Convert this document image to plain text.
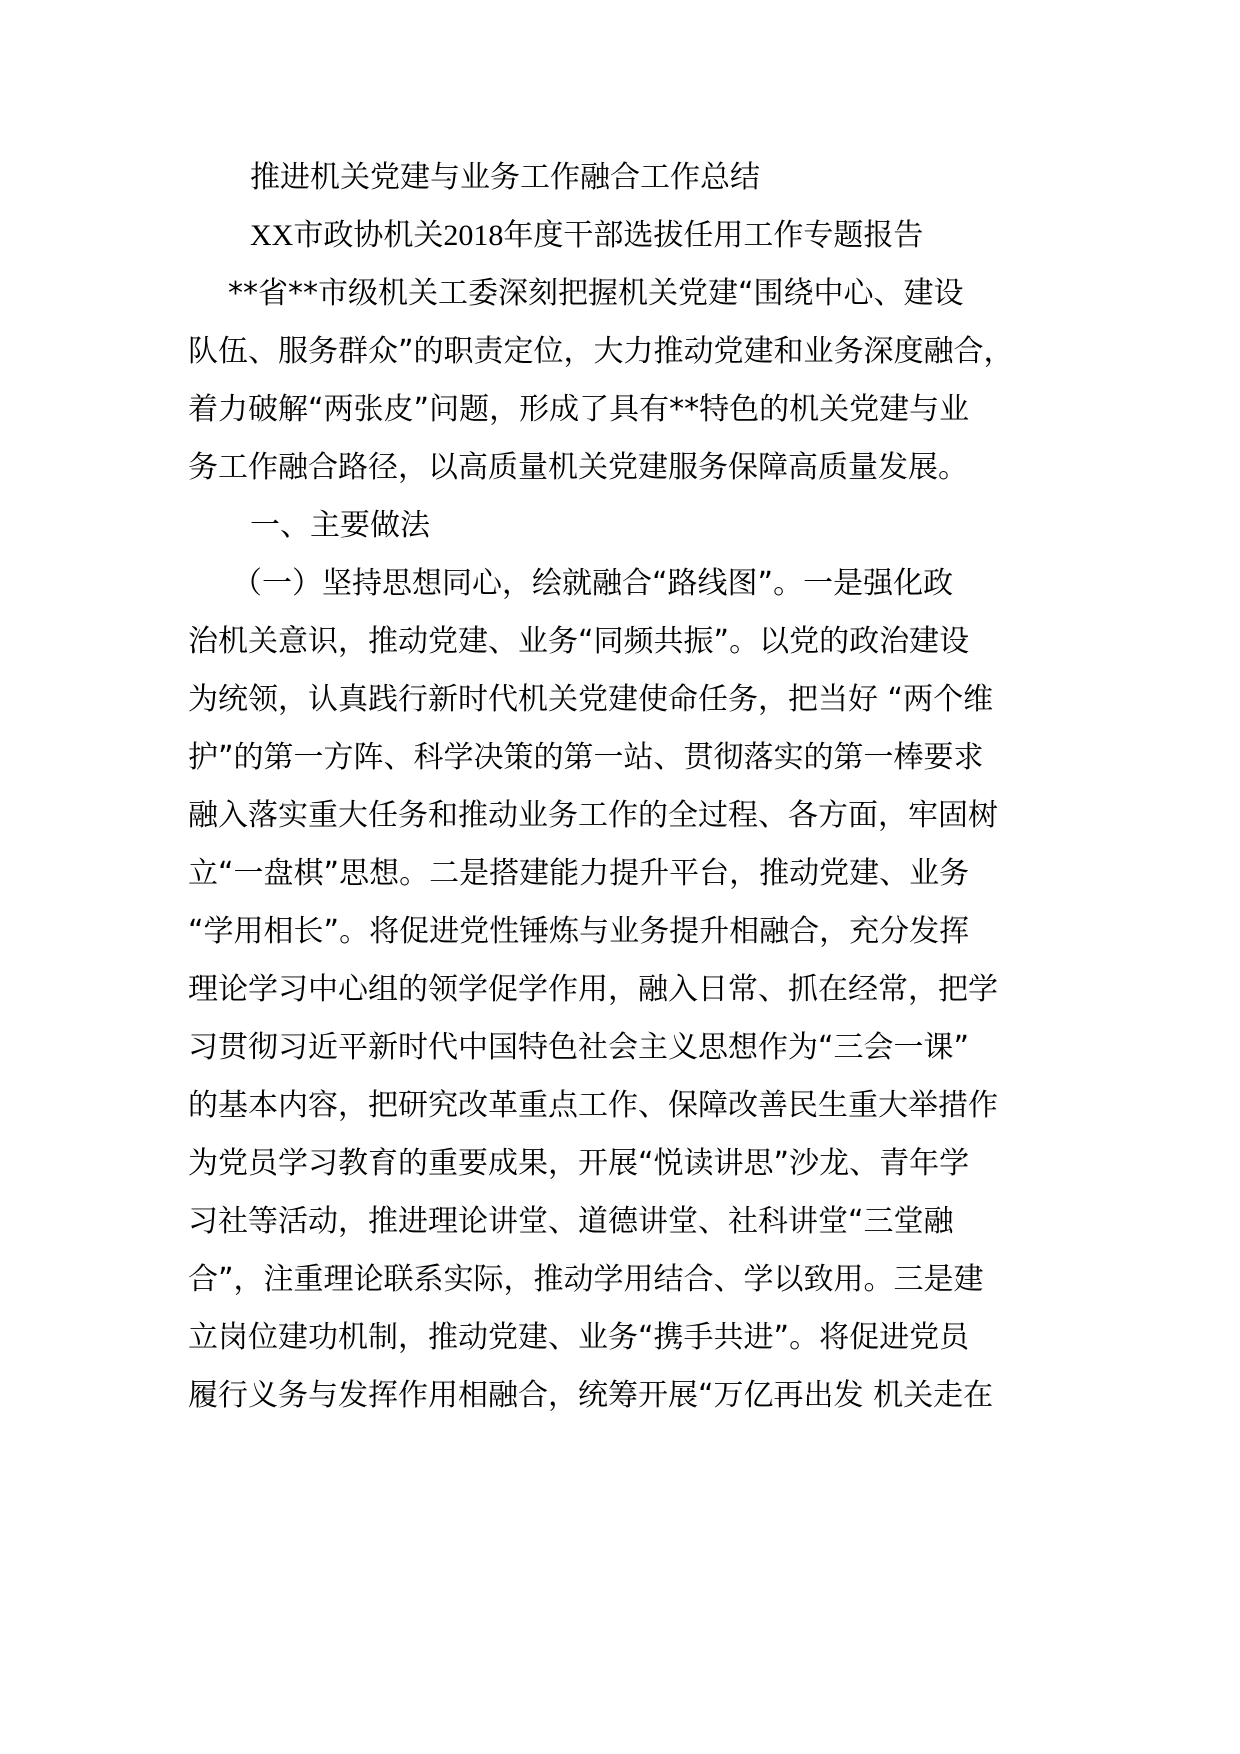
推进机关党建与业务工作融合工作总结
XX市政协机关2018年度干部选拔任用工作专题报告
**省**市级机关工委深刻把握机关党建“围绕中心、建设
队伍、服务群众”的职责定位，大力推动党建和业务深度融合，
着力破解“两张皮”问题，形成了具有**特色的机关党建与业
务工作融合路径，以高质量机关党建服务保障高质量发展。
一、主要做法
（一）坚持思想同心，绘就融合“路线图”。一是强化政
治机关意识，推动党建、业务“同频共振”。以党的政治建设
为统领，认真践行新时代机关党建使命任务，把当好 “两个维
护”的第一方阵、科学决策的第一站、贯彻落实的第一棒要求
融入落实重大任务和推动业务工作的全过程、各方面，牢固树
立“一盘棋”思想。二是搭建能力提升平台，推动党建、业务
“学用相长”。将促进党性锤炼与业务提升相融合，充分发挥
理论学习中心组的领学促学作用，融入日常、抓在经常，把学
习贯彻习近平新时代中国特色社会主义思想作为“三会一课”
的基本内容，把研究改革重点工作、保障改善民生重大举措作
为党员学习教育的重要成果，开展“悦读讲思”沙龙、青年学
习社等活动，推进理论讲堂、道德讲堂、社科讲堂“三堂融
合”，注重理论联系实际，推动学用结合、学以致用。三是建
立岗位建功机制，推动党建、业务“携手共进”。将促进党员
履行义务与发挥作用相融合，统筹开展“万亿再出发 机关走在
